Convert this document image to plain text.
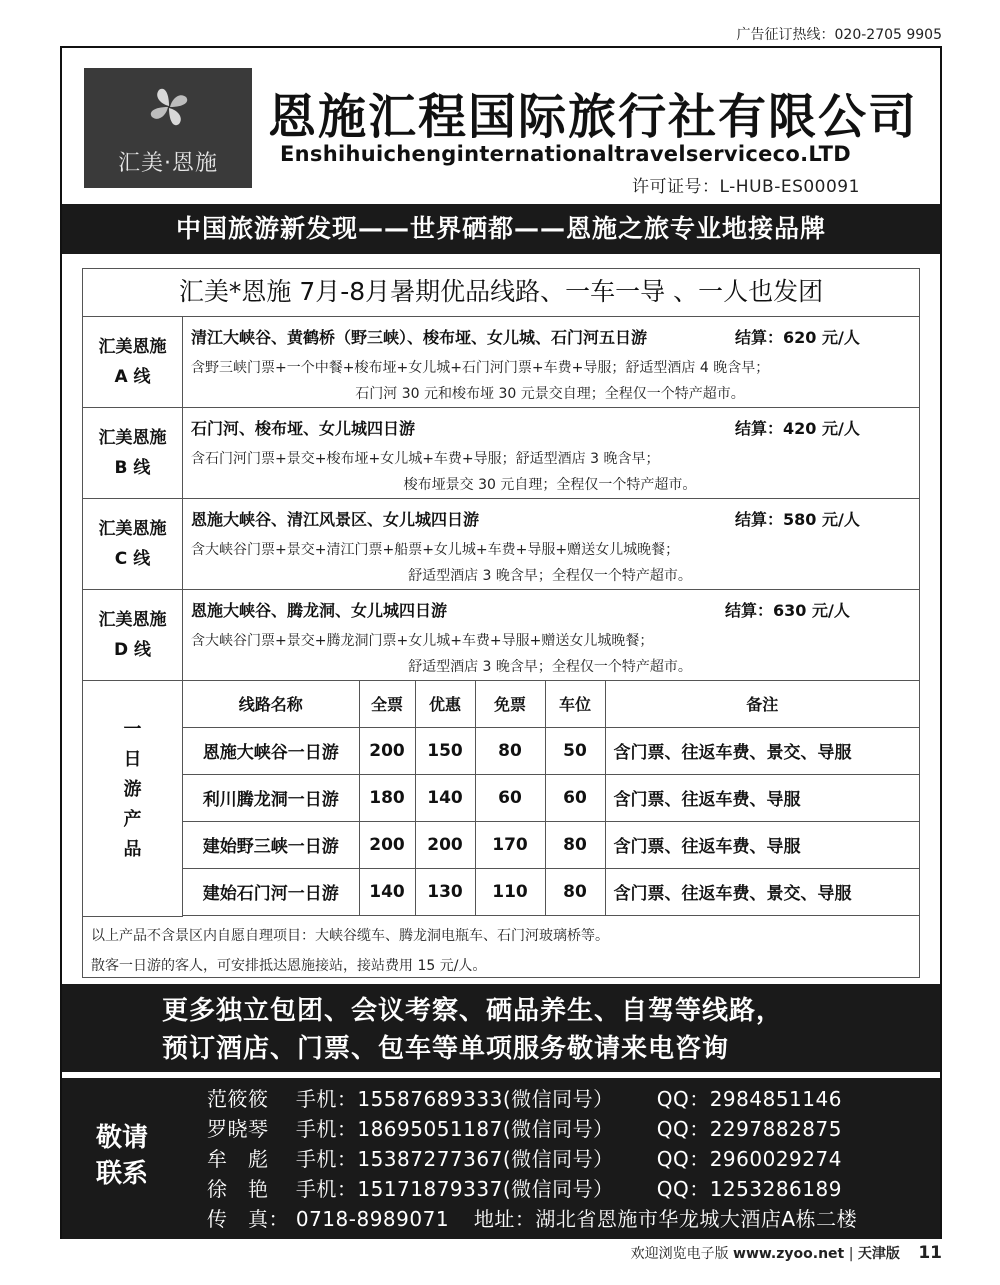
广告征订热线：020-2705 9905
汇美·恩施
恩施汇程国际旅行社有限公司
Enshihuichenginternationaltravelserviceco.LTD
许可证号：L-HUB-ES00091
中国旅游新发现——世界硒都——恩施之旅专业地接品牌
汇美*恩施 7月-8月暑期优品线路、一车一导 、一人也发团
汇美恩施
A 线
清江大峡谷、黄鹤桥（野三峡）、梭布垭、女儿城、石门河五日游	结算：620 元/人
含野三峡门票+一个中餐+梭布垭+女儿城+石门河门票+车费+导服；舒适型酒店 4 晚含早；
石门河 30 元和梭布垭 30 元景交自理；全程仅一个特产超市。
汇美恩施
B 线
石门河、梭布垭、女儿城四日游	结算：420 元/人
含石门河门票+景交+梭布垭+女儿城+车费+导服；舒适型酒店 3 晚含早；
梭布垭景交 30 元自理；全程仅一个特产超市。
汇美恩施
C 线
恩施大峡谷、清江风景区、女儿城四日游	结算：580 元/人
含大峡谷门票+景交+清江门票+船票+女儿城+车费+导服+赠送女儿城晚餐；
舒适型酒店 3 晚含早；全程仅一个特产超市。
汇美恩施
D 线
恩施大峡谷、腾龙洞、女儿城四日游	结算：630 元/人
含大峡谷门票+景交+腾龙洞门票+女儿城+车费+导服+赠送女儿城晚餐；
舒适型酒店 3 晚含早；全程仅一个特产超市。
一
日
游
产
品
线路名称	全票	优惠	免票	车位	备注
恩施大峡谷一日游	200	150	80	50	含门票、往返车费、景交、导服
利川腾龙洞一日游	180	140	60	60	含门票、往返车费、导服
建始野三峡一日游	200	200	170	80	含门票、往返车费、导服
建始石门河一日游	140	130	110	80	含门票、往返车费、景交、导服
以上产品不含景区内自愿自理项目：大峡谷缆车、腾龙洞电瓶车、石门河玻璃桥等。
散客一日游的客人，可安排抵达恩施接站，接站费用 15 元/人。
更多独立包团、会议考察、硒品养生、自驾等线路，
预订酒店、门票、包车等单项服务敬请来电咨询
敬请
联系
范筱筱 手机：15587689333(微信同号） QQ：2984851146
罗晓琴 手机：18695051187(微信同号） QQ：2297882875
牟　彪 手机：15387277367(微信同号） QQ：2960029274
徐　艳 手机：15171879337(微信同号） QQ：1253286189
传　真： 0718-8989071 地址：湖北省恩施市华龙城大酒店A栋二楼
欢迎浏览电子版 www.zyoo.net | 天津版 11
